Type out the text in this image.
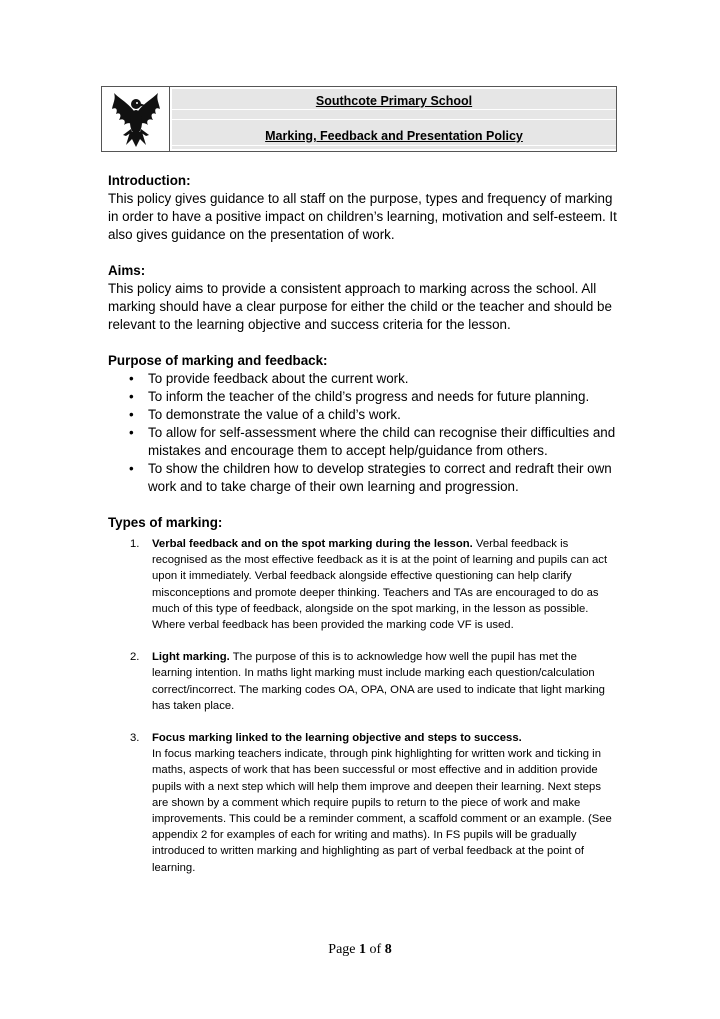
Southcote Primary School
Marking, Feedback and Presentation Policy
Introduction:

This policy gives guidance to all staff on the purpose, types and frequency of marking in order to have a positive impact on children’s learning, motivation and self-esteem. It also gives guidance on the presentation of work.

Aims:

This policy aims to provide a consistent approach to marking across the school. All marking should have a clear purpose for either the child or the teacher and should be relevant to the learning objective and success criteria for the lesson.

Purpose of marking and feedback:
• To provide feedback about the current work.
• To inform the teacher of the child’s progress and needs for future planning.
• To demonstrate the value of a child’s work.
• To allow for self-assessment where the child can recognise their difficulties and mistakes and encourage them to accept help/guidance from others.
• To show the children how to develop strategies to correct and redraft their own work and to take charge of their own learning and progression.
Types of marking:
1. Verbal feedback and on the spot marking during the lesson. Verbal feedback is recognised as the most effective feedback as it is at the point of learning and pupils can act upon it immediately. Verbal feedback alongside effective questioning can help clarify misconceptions and promote deeper thinking. Teachers and TAs are encouraged to do as much of this type of feedback, alongside on the spot marking, in the lesson as possible. Where verbal feedback has been provided the marking code VF is used.
2. Light marking. The purpose of this is to acknowledge how well the pupil has met the learning intention. In maths light marking must include marking each question/calculation correct/incorrect. The marking codes OA, OPA, ONA are used to indicate that light marking has taken place.
3. Focus marking linked to the learning objective and steps to success.
In focus marking teachers indicate, through pink highlighting for written work and ticking in maths, aspects of work that has been successful or most effective and in addition provide pupils with a next step which will help them improve and deepen their learning. Next steps are shown by a comment which require pupils to return to the piece of work and make improvements. This could be a reminder comment, a scaffold comment or an example. (See appendix 2 for examples of each for writing and maths). In FS pupils will be gradually introduced to written marking and highlighting as part of verbal feedback at the point of learning.
Page 1 of 8
